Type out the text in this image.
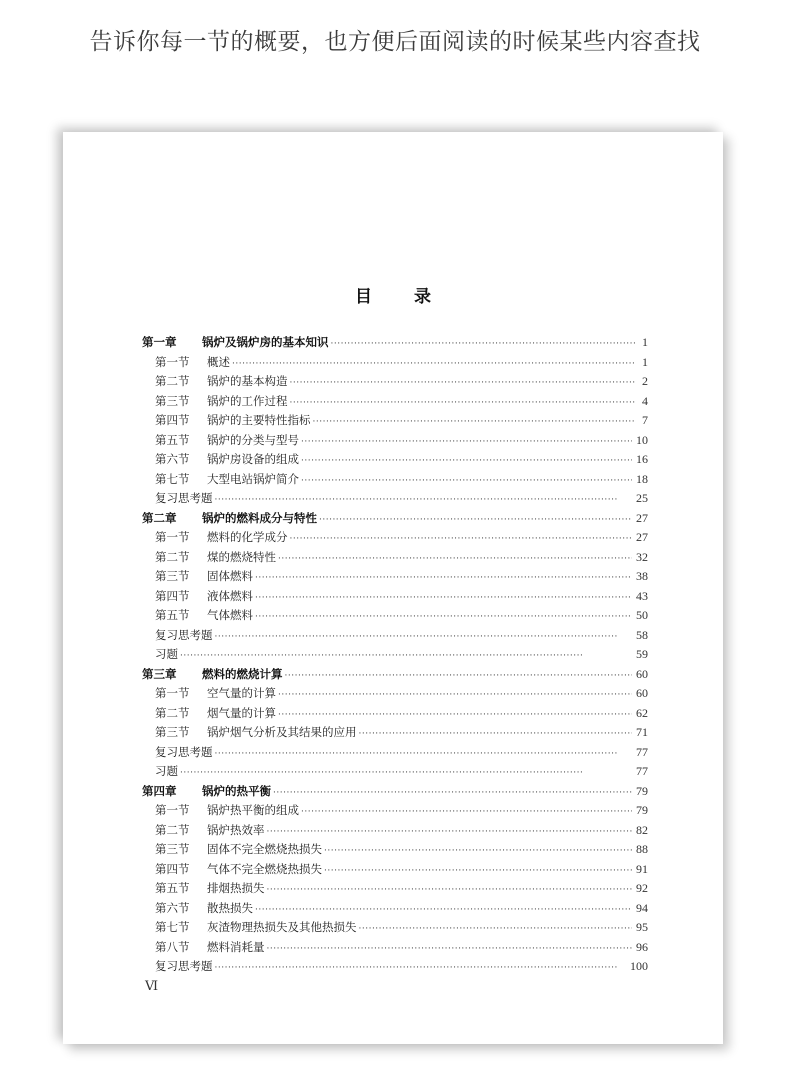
告诉你每一节的概要，也方便后面阅读的时候某些内容查找
目 录
第一章	锅炉及锅炉房的基本知识 ·····	1
第一节	概述 ·····	1
第二节	锅炉的基本构造 ·····	2
第三节	锅炉的工作过程 ·····	4
第四节	锅炉的主要特性指标 ·····	7
第五节	锅炉的分类与型号 ·····	10
第六节	锅炉房设备的组成 ·····	16
第七节	大型电站锅炉简介 ·····	18
复习思考题 ·····	25
第二章	锅炉的燃料成分与特性 ·····	27
第一节	燃料的化学成分 ·····	27
第二节	煤的燃烧特性 ·····	32
第三节	固体燃料 ·····	38
第四节	液体燃料 ·····	43
第五节	气体燃料 ·····	50
复习思考题 ·····	58
习题 ·····	59
第三章	燃料的燃烧计算 ·····	60
第一节	空气量的计算 ·····	60
第二节	烟气量的计算 ·····	62
第三节	锅炉烟气分析及其结果的应用 ·····	71
复习思考题 ·····	77
习题 ·····	77
第四章	锅炉的热平衡 ·····	79
第一节	锅炉热平衡的组成 ·····	79
第二节	锅炉热效率 ·····	82
第三节	固体不完全燃烧热损失 ·····	88
第四节	气体不完全燃烧热损失 ·····	91
第五节	排烟热损失 ·····	92
第六节	散热损失 ·····	94
第七节	灰渣物理热损失及其他热损失 ·····	95
第八节	燃料消耗量 ·····	96
复习思考题 ·····	100
Ⅵ
